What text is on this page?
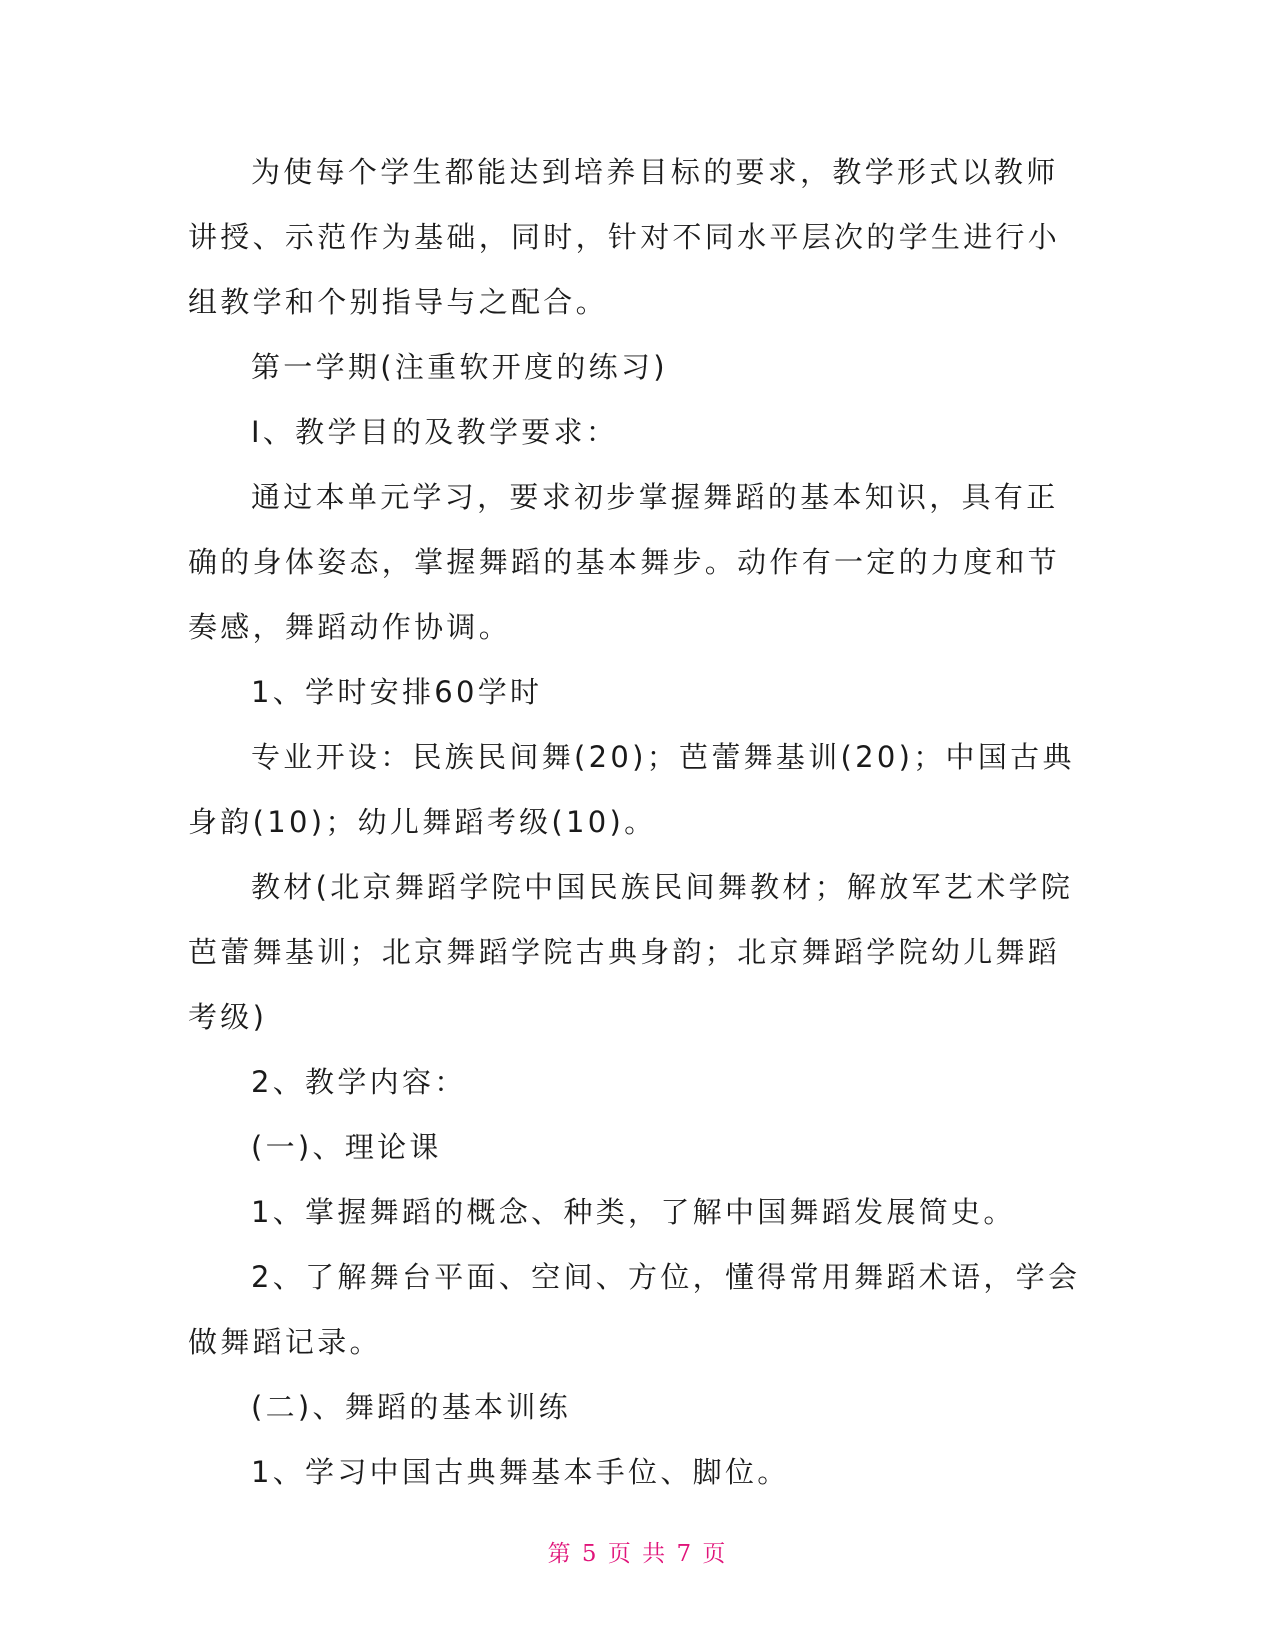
为使每个学生都能达到培养目标的要求，教学形式以教师讲授、示范作为基础，同时，针对不同水平层次的学生进行小组教学和个别指导与之配合。

第一学期(注重软开度的练习)

Ⅰ、教学目的及教学要求：

通过本单元学习，要求初步掌握舞蹈的基本知识，具有正确的身体姿态，掌握舞蹈的基本舞步。动作有一定的力度和节奏感，舞蹈动作协调。

1、学时安排60学时

专业开设：民族民间舞(20)；芭蕾舞基训(20)；中国古典身韵(10)；幼儿舞蹈考级(10)。

教材(北京舞蹈学院中国民族民间舞教材；解放军艺术学院芭蕾舞基训；北京舞蹈学院古典身韵；北京舞蹈学院幼儿舞蹈考级)

2、教学内容：

(一)、理论课

1、掌握舞蹈的概念、种类，了解中国舞蹈发展简史。

2、了解舞台平面、空间、方位，懂得常用舞蹈术语，学会做舞蹈记录。

(二)、舞蹈的基本训练

1、学习中国古典舞基本手位、脚位。

第 5 页 共 7 页
